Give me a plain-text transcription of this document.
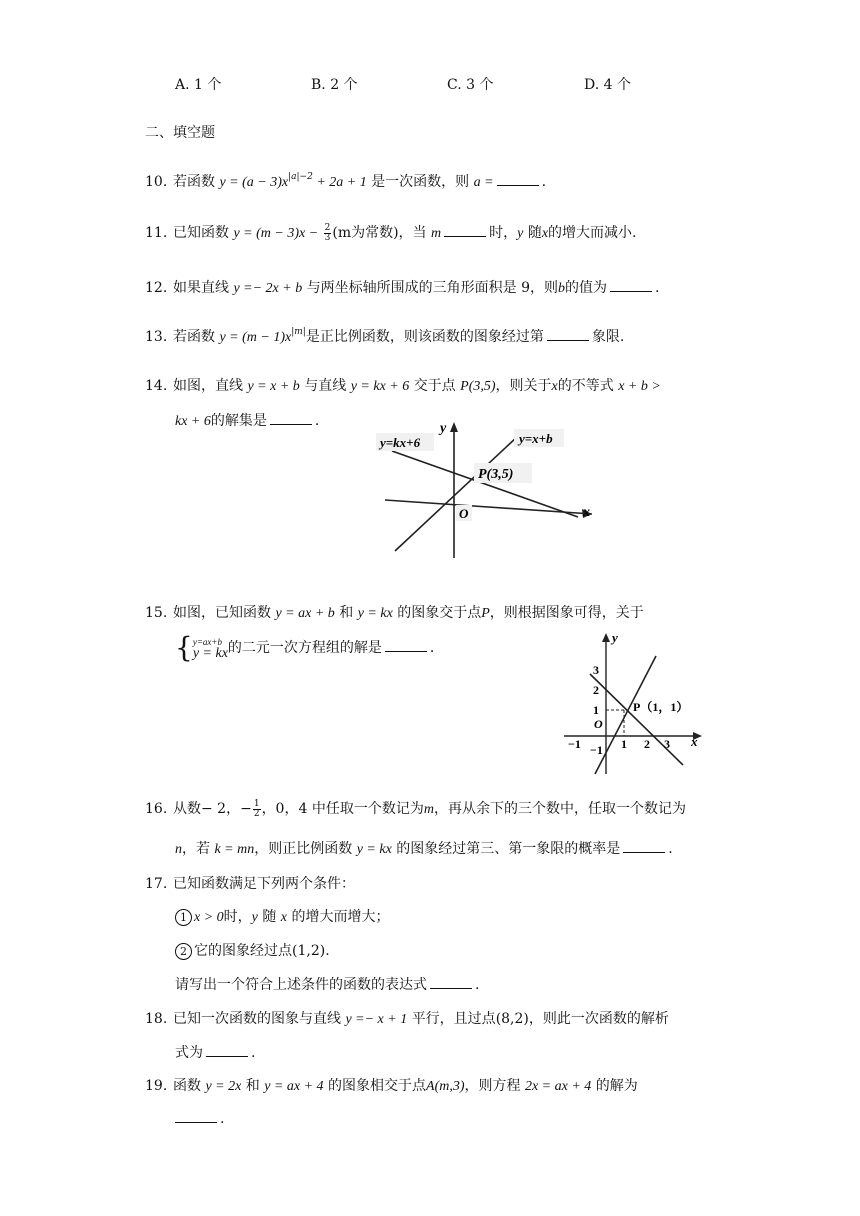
A. 1 个	B. 2 个	C. 3 个	D. 4 个
二、填空题
10. 若函数 $y = (a - 3)x^{|a|-2} + 2a + 1$ 是一次函数，则 a =	.
11. 已知函数 $y = (m - 3)x - \frac{2}{3} (m$为常数)，当 m	时，y 随x的增大而减小.
12. 如果直线 y =− 2x + b 与两坐标轴所围成的三角形面积是 9，则b的值为	.
13. 若函数 $y = (m - 1)x^{|m|}$是正比例函数，则该函数的图象经过第	象限.
14. 如图，直线 y = x + b 与直线 y = kx + 6 交于点 P(3,5)，则关于x的不等式 x + b >
kx + 6的解集是	.
y=kx+6	y=x+b
P(3,5)
O	x
y
15. 如图，已知函数 y = ax + b 和 y = kx 的图象交于点P，则根据图象可得，关于
{ y=ax+b
y = kx 的二元一次方程组的解是	.
3
2
1
O
−1
−1	1 2 3
P（1，1）
x
y
16. 从数− 2，− $\frac{1}{2}$ ，0，4 中任取一个数记为m，再从余下的三个数中，任取一个数记为
n，若 k = mn，则正比例函数 y = kx 的图象经过第三、第一象限的概率是	.
17. 已知函数满足下列两个条件：
1 x > 0时，y 随 x 的增大而增大；
2 它的图象经过点(1,2).
请写出一个符合上述条件的函数的表达式	.
18. 已知一次函数的图象与直线 y =− x + 1 平行，且过点(8,2)，则此一次函数的解析
式为	.
19. 函数 y = 2x 和 y = ax + 4 的图象相交于点A(m,3)，则方程 2x = ax + 4 的解为
.
